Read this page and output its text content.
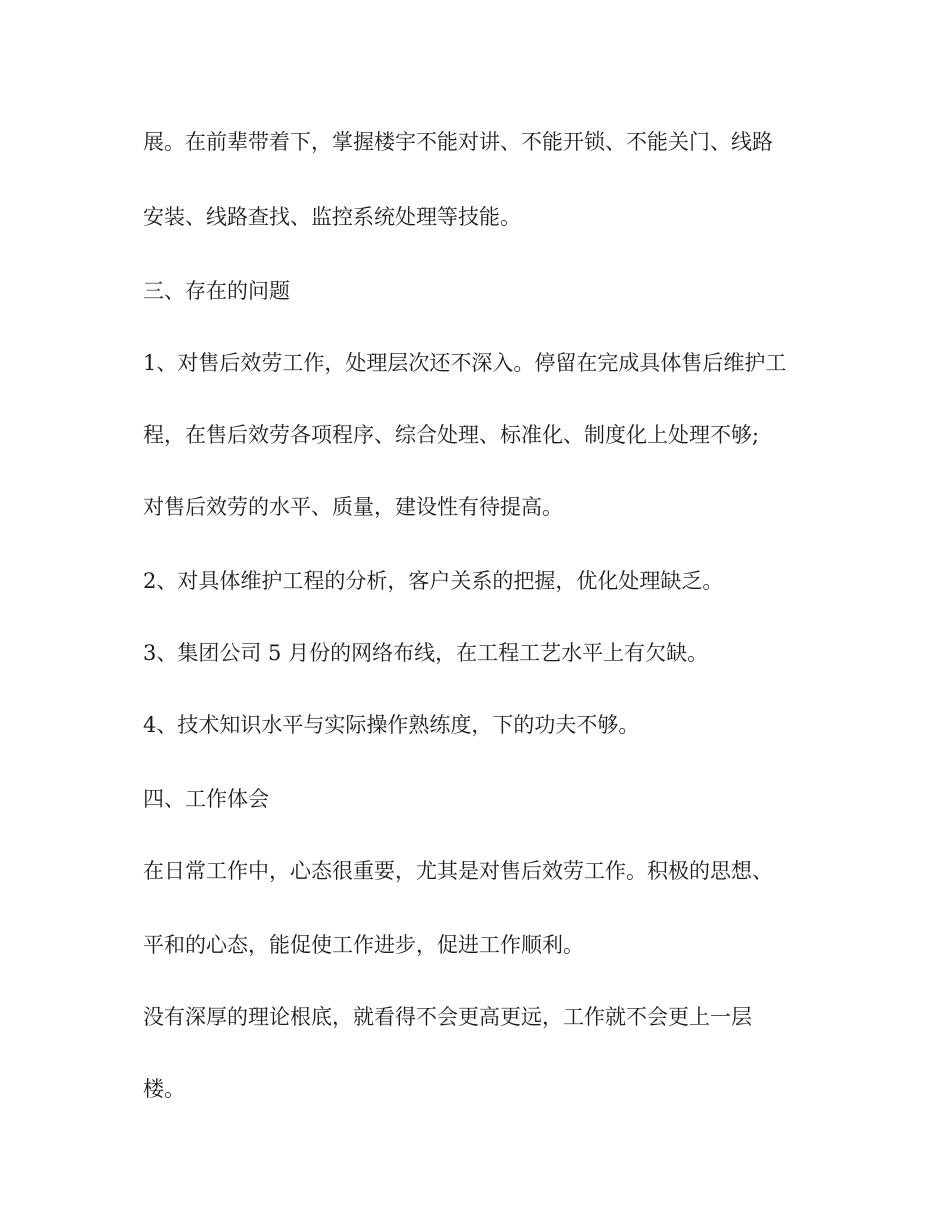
展。在前辈带着下，掌握楼宇不能对讲、不能开锁、不能关门、线路

安装、线路查找、监控系统处理等技能。

三、存在的问题

1、对售后效劳工作，处理层次还不深入。停留在完成具体售后维护工

程，在售后效劳各项程序、综合处理、标准化、制度化上处理不够;

对售后效劳的水平、质量，建设性有待提高。

2、对具体维护工程的分析，客户关系的把握，优化处理缺乏。

3、集团公司 5 月份的网络布线，在工程工艺水平上有欠缺。

4、技术知识水平与实际操作熟练度，下的功夫不够。

四、工作体会

在日常工作中，心态很重要，尤其是对售后效劳工作。积极的思想、

平和的心态，能促使工作进步，促进工作顺利。

没有深厚的理论根底，就看得不会更高更远，工作就不会更上一层

楼。
